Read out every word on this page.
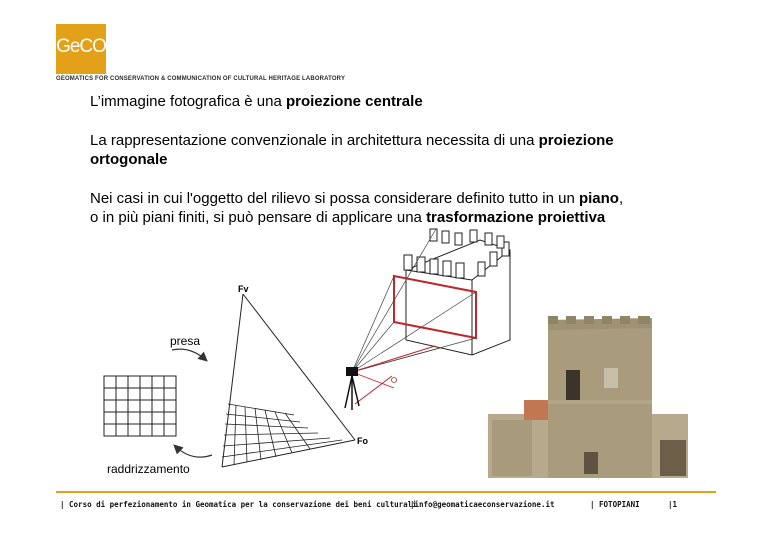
GeCO
GEOMATICS FOR CONSERVATION & COMMUNICATION OF CULTURAL HERITAGE LABORATORY
L’immagine fotografica è una proiezione centrale
La rappresentazione convenzionale in architettura necessita di una proiezione
ortogonale
Nei casi in cui l'oggetto del rilievo si possa considerare definito tutto in un piano,
o in più piani finiti, si può pensare di applicare una trasformazione proiettiva
Fv
Fo
presa
raddrizzamento
| Corso di perfezionamento in Geomatica per la conservazione dei beni culturali
|info@geomaticaeconservazione.it	| FOTOPIANI	|1
